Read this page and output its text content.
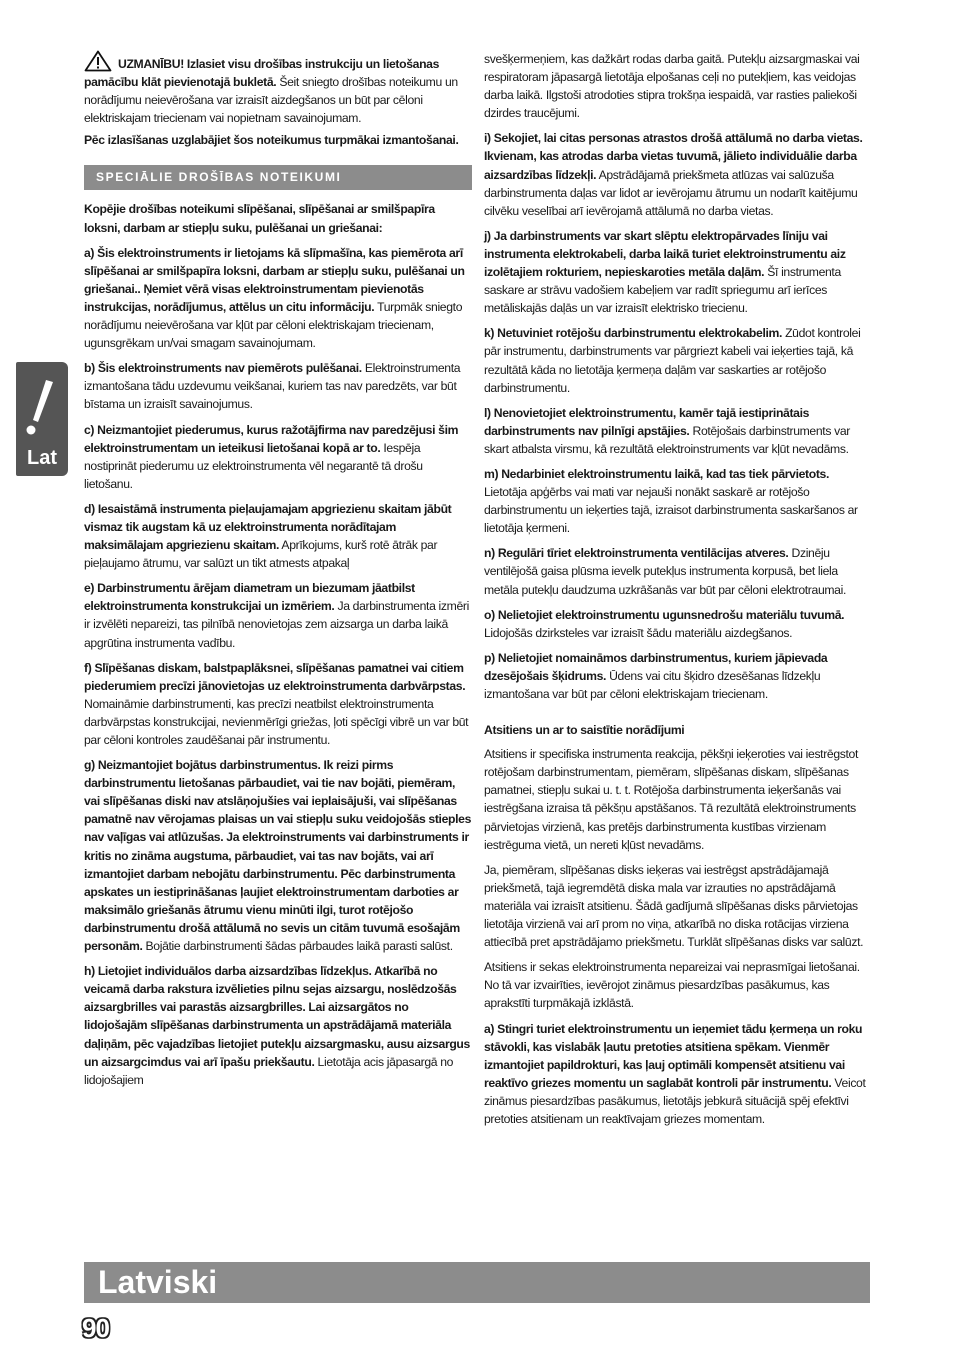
Lat
UZMANĪBU! Izlasiet visu drošības instrukciju un lietošanas pamācību klāt pievienotajā bukletā. Šeit sniegto drošības noteikumu un norādījumu neievērošana var izraisīt aizdegšanos un būt par cēloni elektriskajam triecienam vai nopietnam savainojumam.
Pēc izlasīšanas uzglabājiet šos noteikumus turpmākai izmantošanai.
SPECIĀLIE DROŠĪBAS NOTEIKUMI
Kopējie drošības noteikumi slīpēšanai, slīpēšanai ar smilšpapīra loksni, darbam ar stiepļu suku, pulēšanai un griešanai:
a) Šis elektroinstruments ir lietojams kā slīpmašīna, kas piemērota arī slīpēšanai ar smilšpapīra loksni, darbam ar stiepļu suku, pulēšanai un griešanai.. Ņemiet vērā visas elektroinstrumentam pievienotās instrukcijas, norādījumus, attēlus un citu informāciju. Turpmāk sniegto norādījumu neievērošana var kļūt par cēloni elektriskajam triecienam, ugunsgrēkam un/vai smagam savainojumam.
b) Šis elektroinstruments nav piemērots pulēšanai. Elektroinstrumenta izmantošana tādu uzdevumu veikšanai, kuriem tas nav paredzēts, var būt bīstama un izraisīt savainojumus.
c) Neizmantojiet piederumus, kurus ražotājfirma nav paredzējusi šim elektroinstrumentam un ieteikusi lietošanai kopā ar to. Iespēja nostiprināt piederumu uz elektroinstrumenta vēl negarantē tā drošu lietošanu.
d) Iesaistāmā instrumenta pieļaujamajam apgriezienu skaitam jābūt vismaz tik augstam kā uz elektroinstrumenta norādītajam maksimālajam apgriezienu skaitam. Aprīkojums, kurš rotē ātrāk par pieļaujamo ātrumu, var salūzt un tikt atmests atpakaļ
e) Darbinstrumentu ārējam diametram un biezumam jāatbilst elektroinstrumenta konstrukcijai un izmēriem. Ja darbinstrumenta izmēri ir izvēlēti nepareizi, tas pilnībā nenovietojas zem aizsarga un darba laikā apgrūtina instrumenta vadību.
f) Slīpēšanas diskam, balstpaplāksnei, slīpēšanas pamatnei vai citiem piederumiem precīzi jānovietojas uz elektroinstrumenta darbvārpstas. Nomaināmie darbinstrumenti, kas precīzi neatbilst elektroinstrumenta darbvārpstas konstrukcijai, nevienmērīgi griežas, ļoti spēcīgi vibrē un var būt par cēloni kontroles zaudēšanai pār instrumentu.
g) Neizmantojiet bojātus darbinstrumentus. Ik reizi pirms darbinstrumentu lietošanas pārbaudiet, vai tie nav bojāti, piemēram, vai slīpēšanas diski nav atslāņojušies vai ieplaisājuši, vai slīpēšanas pamatnē nav vērojamas plaisas un vai stiepļu suku veidojošās stieples nav vaļīgas vai atlūzušas. Ja elektroinstruments vai darbinstruments ir kritis no zināma augstuma, pārbaudiet, vai tas nav bojāts, vai arī izmantojiet darbam nebojātu darbinstrumentu. Pēc darbinstrumenta apskates un iestiprināšanas ļaujiet elektroinstrumentam darboties ar maksimālo griešanās ātrumu vienu minūti ilgi, turot rotējošo darbinstrumentu drošā attālumā no sevis un citām tuvumā esošajām personām. Bojātie darbinstrumenti šādas pārbaudes laikā parasti salūst.
h) Lietojiet individuālos darba aizsardzības līdzekļus. Atkarībā no veicamā darba rakstura izvēlieties pilnu sejas aizsargu, noslēdzošās aizsargbrilles vai parastās aizsargbrilles. Lai aizsargātos no lidojošajām slīpēšanas darbinstrumenta un apstrādājamā materiāla daļiņām, pēc vajadzības lietojiet putekļu aizsargmasku, ausu aizsargus un aizsargcimdus vai arī īpašu priekšautu. Lietotāja acis jāpasargā no lidojošajiem
svešķermeņiem, kas dažkārt rodas darba gaitā. Putekļu aizsargmaskai vai respiratoram jāpasargā lietotāja elpošanas ceļi no putekļiem, kas veidojas darba laikā. Ilgstoši atrodoties stipra trokšņa iespaidā, var rasties paliekoši dzirdes traucējumi.
i) Sekojiet, lai citas personas atrastos drošā attālumā no darba vietas. Ikvienam, kas atrodas darba vietas tuvumā, jālieto individuālie darba aizsardzības līdzekļi. Apstrādājamā priekšmeta atlūzas vai salūzuša darbinstrumenta daļas var lidot ar ievērojamu ātrumu un nodarīt kaitējumu cilvēku veselībai arī ievērojamā attālumā no darba vietas.
j) Ja darbinstruments var skart slēptu elektropārvades līniju vai instrumenta elektrokabeli, darba laikā turiet elektroinstrumentu aiz izolētajiem rokturiem, nepieskaroties metāla daļām. Šī instrumenta saskare ar strāvu vadošiem kabeļiem var radīt spriegumu arī ierīces metāliskajās daļās un var izraisīt elektrisko triecienu.
k) Netuviniet rotējošu darbinstrumentu elektrokabelim. Zūdot kontrolei pār instrumentu, darbinstruments var pārgriezt kabeli vai ieķerties tajā, kā rezultātā kāda no lietotāja ķermeņa daļām var saskarties ar rotējošo darbinstrumentu.
l) Nenovietojiet elektroinstrumentu, kamēr tajā iestiprinātais darbinstruments nav pilnīgi apstājies. Rotējošais darbinstruments var skart atbalsta virsmu, kā rezultātā elektroinstruments var kļūt nevadāms.
m) Nedarbiniet elektroinstrumentu laikā, kad tas tiek pārvietots. Lietotāja apģērbs vai mati var nejauši nonākt saskarē ar rotējošo darbinstrumentu un ieķerties tajā, izraisot darbinstrumenta saskaršanos ar lietotāja ķermeni.
n) Regulāri tīriet elektroinstrumenta ventilācijas atveres. Dzinēju ventilējošā gaisa plūsma ievelk putekļus instrumenta korpusā, bet liela metāla putekļu daudzuma uzkrāšanās var būt par cēloni elektrotraumai.
o) Nelietojiet elektroinstrumentu ugunsnedrošu materiālu tuvumā. Lidojošās dzirksteles var izraisīt šādu materiālu aizdegšanos.
p) Nelietojiet nomaināmos darbinstrumentus, kuriem jāpievada dzesējošais šķidrums. Ūdens vai citu šķidro dzesēšanas līdzekļu izmantošana var būt par cēloni elektriskajam triecienam.
Atsitiens un ar to saistītie norādījumi
Atsitiens ir specifiska instrumenta reakcija, pēkšņi ieķeroties vai iestrēgstot rotējošam darbinstrumentam, piemēram, slīpēšanas diskam, slīpēšanas pamatnei, stiepļu sukai u. t. t. Rotējoša darbinstrumenta ieķeršanās vai iestrēgšana izraisa tā pēkšņu apstāšanos. Tā rezultātā elektroinstruments pārvietojas virzienā, kas pretējs darbinstrumenta kustības virzienam iestrēguma vietā, un nereti kļūst nevadāms.
Ja, piemēram, slīpēšanas disks ieķeras vai iestrēgst apstrādājamajā priekšmetā, tajā iegremdētā diska mala var izrauties no apstrādājamā materiāla vai izraisīt atsitienu. Šādā gadījumā slīpēšanas disks pārvietojas lietotāja virzienā vai arī prom no viņa, atkarībā no diska rotācijas virziena attiecībā pret apstrādājamo priekšmetu. Turklāt slīpēšanas disks var salūzt.
Atsitiens ir sekas elektroinstrumenta nepareizai vai neprasmīgai lietošanai. No tā var izvairīties, ievērojot zināmus piesardzības pasākumus, kas aprakstīti turpmākajā izklāstā.
a) Stingri turiet elektroinstrumentu un ieņemiet tādu ķermeņa un roku stāvokli, kas vislabāk ļautu pretoties atsitiena spēkam. Vienmēr izmantojiet papildrokturi, kas ļauj optimāli kompensēt atsitienu vai reaktīvo griezes momentu un saglabāt kontroli pār instrumentu. Veicot zināmus piesardzības pasākumus, lietotājs jebkurā situācijā spēj efektīvi pretoties atsitienam un reaktīvajam griezes momentam.
Latviski
90
